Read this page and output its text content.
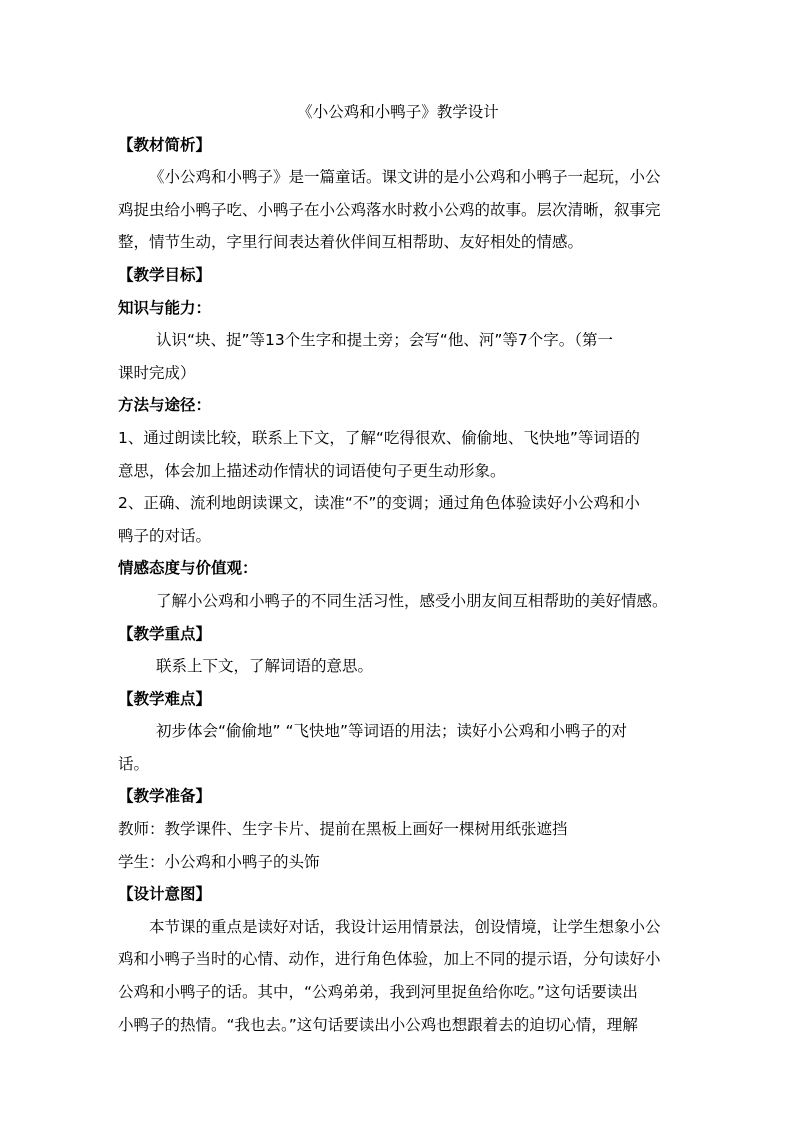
《小公鸡和小鸭子》教学设计
【教材简析】
《小公鸡和小鸭子》是一篇童话。课文讲的是小公鸡和小鸭子一起玩，小公
鸡捉虫给小鸭子吃、小鸭子在小公鸡落水时救小公鸡的故事。层次清晰，叙事完
整，情节生动，字里行间表达着伙伴间互相帮助、友好相处的情感。
【教学目标】
知识与能力：
认识“块、捉”等13个生字和提土旁；会写“他、河”等7个字。（第一
课时完成）
方法与途径：
1、通过朗读比较，联系上下文，了解“吃得很欢、偷偷地、飞快地”等词语的
意思，体会加上描述动作情状的词语使句子更生动形象。
2、正确、流利地朗读课文，读准“不”的变调；通过角色体验读好小公鸡和小
鸭子的对话。
情感态度与价值观：
了解小公鸡和小鸭子的不同生活习性，感受小朋友间互相帮助的美好情感。
【教学重点】
联系上下文，了解词语的意思。
【教学难点】
初步体会“偷偷地” “飞快地”等词语的用法；读好小公鸡和小鸭子的对
话。
【教学准备】
教师：教学课件、生字卡片、提前在黑板上画好一棵树用纸张遮挡
学生：小公鸡和小鸭子的头饰
【设计意图】
本节课的重点是读好对话，我设计运用情景法，创设情境，让学生想象小公
鸡和小鸭子当时的心情、动作，进行角色体验，加上不同的提示语，分句读好小
公鸡和小鸭子的话。其中，“公鸡弟弟，我到河里捉鱼给你吃。”这句话要读出
小鸭子的热情。“我也去。”这句话要读出小公鸡也想跟着去的迫切心情，理解
